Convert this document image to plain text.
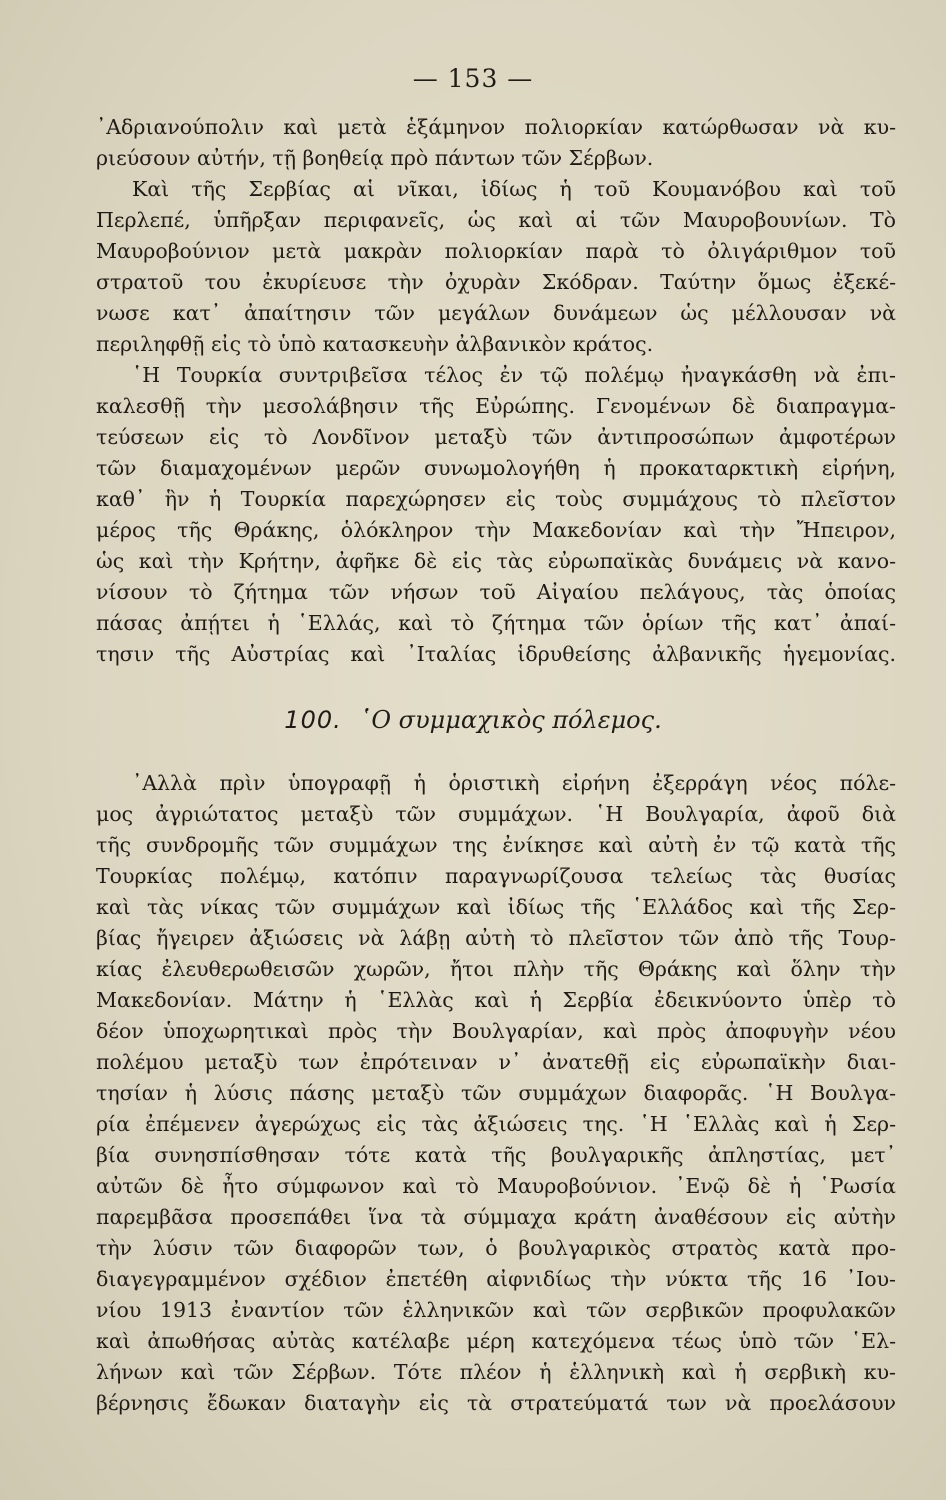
— 153 —
᾿Αδριανούπολιν καὶ μετὰ ἑξάμηνον πολιορκίαν κατώρθωσαν νὰ κυ-
ριεύσουν αὐτήν, τῇ βοηθείᾳ πρὸ πάντων τῶν Σέρβων.
Καὶ τῆς Σερβίας αἱ νῖκαι, ἰδίως ἡ τοῦ Κουμανόβου καὶ τοῦ
Περλεπέ, ὑπῆρξαν περιφανεῖς, ὡς καὶ αἱ τῶν Μαυροβουνίων. Τὸ
Μαυροβούνιον μετὰ μακρὰν πολιορκίαν παρὰ τὸ ὀλιγάριθμον τοῦ
στρατοῦ του ἐκυρίευσε τὴν ὀχυρὰν Σκόδραν. Ταύτην ὅμως ἐξεκέ-
νωσε κατ᾿ ἀπαίτησιν τῶν μεγάλων δυνάμεων ὡς μέλλουσαν νὰ
περιληφθῇ εἰς τὸ ὑπὸ κατασκευὴν ἀλβανικὸν κράτος.
῾Η Τουρκία συντριβεῖσα τέλος ἐν τῷ πολέμῳ ἠναγκάσθη νὰ ἐπι-
καλεσθῇ τὴν μεσολάβησιν τῆς Εὐρώπης. Γενομένων δὲ διαπραγμα-
τεύσεων εἰς τὸ Λονδῖνον μεταξὺ τῶν ἀντιπροσώπων ἀμφοτέρων
τῶν διαμαχομένων μερῶν συνωμολογήθη ἡ προκαταρκτικὴ εἰρήνη,
καθ᾿ ἣν ἡ Τουρκία παρεχώρησεν εἰς τοὺς συμμάχους τὸ πλεῖστον
μέρος τῆς Θράκης, ὁλόκληρον τὴν Μακεδονίαν καὶ τὴν Ἤπειρον,
ὡς καὶ τὴν Κρήτην, ἀφῆκε δὲ εἰς τὰς εὐρωπαϊκὰς δυνάμεις νὰ κανο-
νίσουν τὸ ζήτημα τῶν νήσων τοῦ Αἰγαίου πελάγους, τὰς ὁποίας
πάσας ἀπῄτει ἡ ῾Ελλάς, καὶ τὸ ζήτημα τῶν ὁρίων τῆς κατ᾿ ἀπαί-
τησιν τῆς Αὐστρίας καὶ ᾿Ιταλίας ἱδρυθείσης ἀλβανικῆς ἡγεμονίας.
100. ῾Ο συμμαχικὸς πόλεμος.
᾿Αλλὰ πρὶν ὑπογραφῇ ἡ ὁριστικὴ εἰρήνη ἐξερράγη νέος πόλε-
μος ἀγριώτατος μεταξὺ τῶν συμμάχων. ῾Η Βουλγαρία, ἀφοῦ διὰ
τῆς συνδρομῆς τῶν συμμάχων της ἐνίκησε καὶ αὐτὴ ἐν τῷ κατὰ τῆς
Τουρκίας πολέμῳ, κατόπιν παραγνωρίζουσα τελείως τὰς θυσίας
καὶ τὰς νίκας τῶν συμμάχων καὶ ἰδίως τῆς ῾Ελλάδος καὶ τῆς Σερ-
βίας ἤγειρεν ἀξιώσεις νὰ λάβῃ αὐτὴ τὸ πλεῖστον τῶν ἀπὸ τῆς Τουρ-
κίας ἐλευθερωθεισῶν χωρῶν, ἤτοι πλὴν τῆς Θράκης καὶ ὅλην τὴν
Μακεδονίαν. Μάτην ἡ ῾Ελλὰς καὶ ἡ Σερβία ἐδεικνύοντο ὑπὲρ τὸ
δέον ὑποχωρητικαὶ πρὸς τὴν Βουλγαρίαν, καὶ πρὸς ἀποφυγὴν νέου
πολέμου μεταξὺ των ἐπρότειναν ν᾿ ἀνατεθῇ εἰς εὐρωπαϊκὴν διαι-
τησίαν ἡ λύσις πάσης μεταξὺ τῶν συμμάχων διαφορᾶς. ῾Η Βουλγα-
ρία ἐπέμενεν ἀγερώχως εἰς τὰς ἀξιώσεις της. ῾Η ῾Ελλὰς καὶ ἡ Σερ-
βία συνησπίσθησαν τότε κατὰ τῆς βουλγαρικῆς ἀπληστίας, μετ᾿
αὐτῶν δὲ ἦτο σύμφωνον καὶ τὸ Μαυροβούνιον. ᾿Ενῷ δὲ ἡ ῾Ρωσία
παρεμβᾶσα προσεπάθει ἵνα τὰ σύμμαχα κράτη ἀναθέσουν εἰς αὐτὴν
τὴν λύσιν τῶν διαφορῶν των, ὁ βουλγαρικὸς στρατὸς κατὰ προ-
διαγεγραμμένον σχέδιον ἐπετέθη αἰφνιδίως τὴν νύκτα τῆς 16 ᾿Ιου-
νίου 1913 ἐναντίον τῶν ἑλληνικῶν καὶ τῶν σερβικῶν προφυλακῶν
καὶ ἀπωθήσας αὐτὰς κατέλαβε μέρη κατεχόμενα τέως ὑπὸ τῶν ῾Ελ-
λήνων καὶ τῶν Σέρβων. Τότε πλέον ἡ ἑλληνικὴ καὶ ἡ σερβικὴ κυ-
βέρνησις ἔδωκαν διαταγὴν εἰς τὰ στρατεύματά των νὰ προελάσουν
